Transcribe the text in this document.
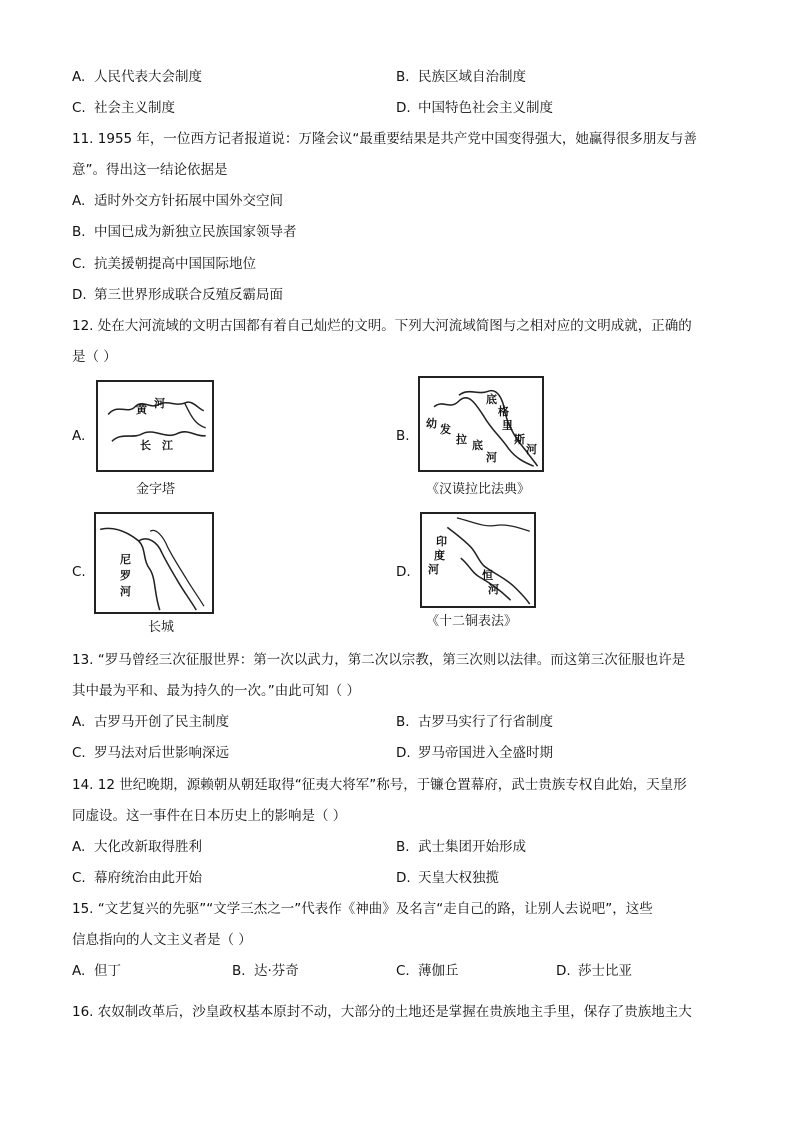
A. 人民代表大会制度	B. 民族区域自治制度
C. 社会主义制度	D. 中国特色社会主义制度
11. 1955 年，一位西方记者报道说：万隆会议“最重要结果是共产党中国变得强大，她赢得很多朋友与善
意”。得出这一结论依据是
A. 适时外交方针拓展中国外交空间
B. 中国已成为新独立民族国家领导者
C. 抗美援朝提高中国国际地位
D. 第三世界形成联合反殖反霸局面
12. 处在大河流域的文明古国都有着自己灿烂的文明。下列大河流域简图与之相对应的文明成就，正确的
是（ ）
A.
黄 河
长 江
金字塔
B.
幼 发
拉 底
河
底
格
里
斯
河
《汉谟拉比法典》
C.
尼
罗
河
长城
D.
印
度
河	恒
河
《十二铜表法》
13. “罗马曾经三次征服世界：第一次以武力，第二次以宗教，第三次则以法律。而这第三次征服也许是
其中最为平和、最为持久的一次。”由此可知（ ）
A. 古罗马开创了民主制度	B. 古罗马实行了行省制度
C. 罗马法对后世影响深远	D. 罗马帝国进入全盛时期
14. 12 世纪晚期，源赖朝从朝廷取得“征夷大将军”称号，于镰仓置幕府，武士贵族专权自此始，天皇形
同虚设。这一事件在日本历史上的影响是（ ）
A. 大化改新取得胜利	B. 武士集团开始形成
C. 幕府统治由此开始	D. 天皇大权独揽
15. “文艺复兴的先驱”“文学三杰之一”代表作《神曲》及名言“走自己的路，让别人去说吧”，这些
信息指向的人文主义者是（ ）
A. 但丁	B. 达·芬奇	C. 薄伽丘	D. 莎士比亚
16. 农奴制改革后，沙皇政权基本原封不动，大部分的土地还是掌握在贵族地主手里，保存了贵族地主大
